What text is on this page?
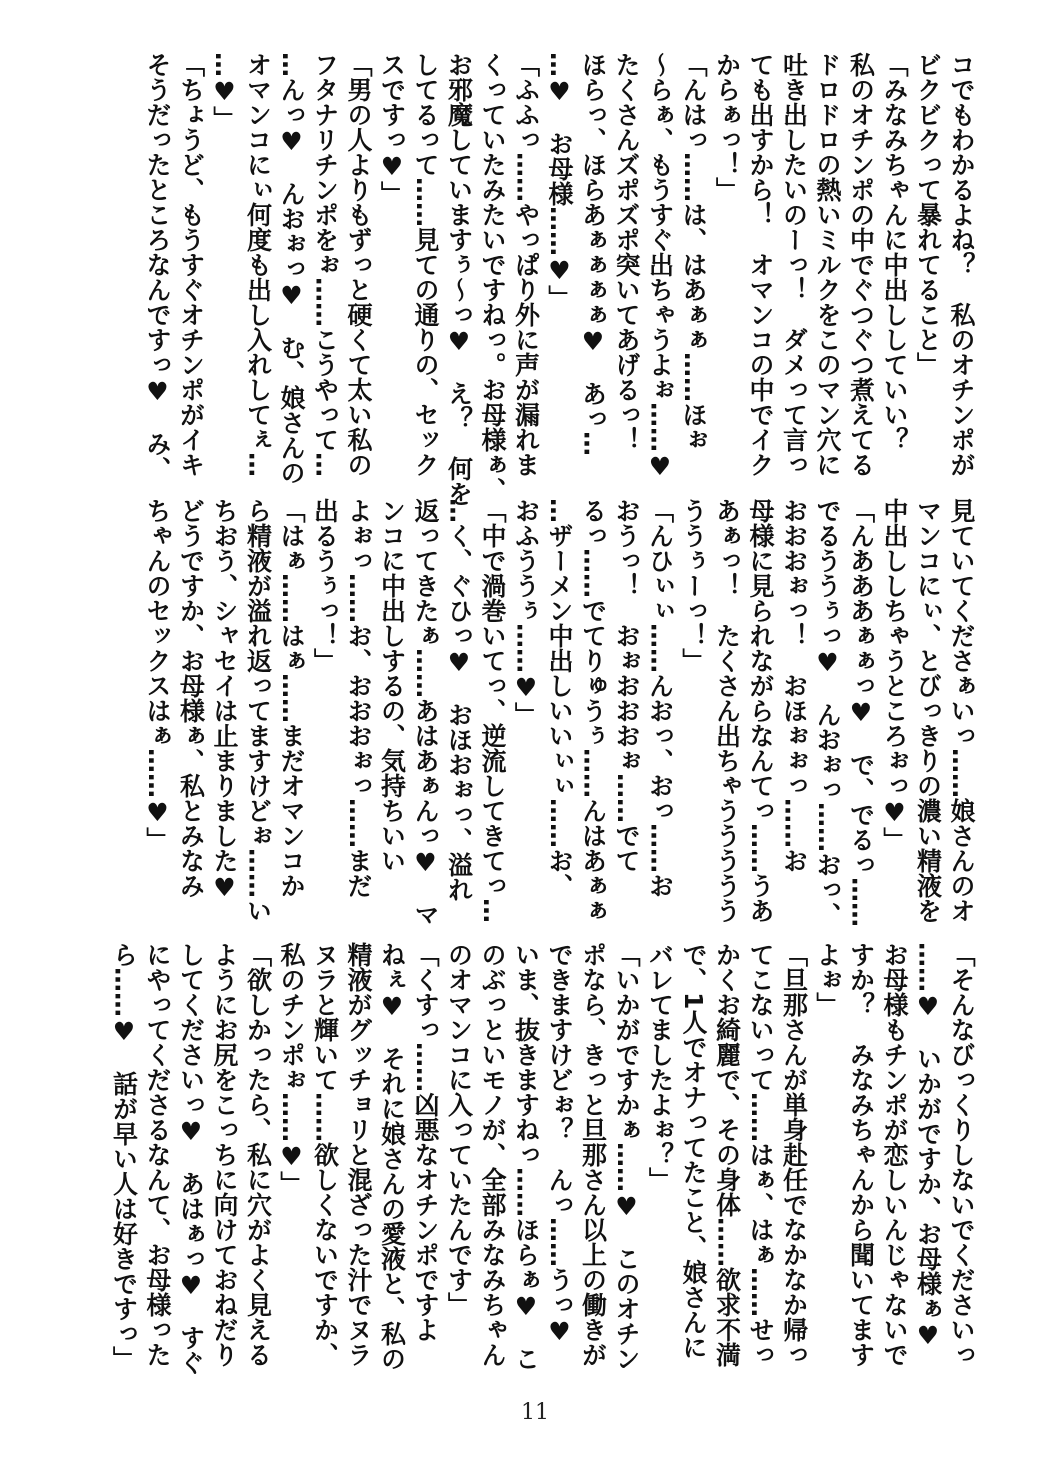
コでもわかるよね？　私のオチンポが
ビクビクって暴れてること」
「みなみちゃんに中出ししていい？
私のオチンポの中でぐつぐつ煮えてる
ドロドロの熱いミルクをこのマン穴に
吐き出したいのーっ！　ダメって言っ
ても出すから！　オマンコの中でイク
からぁっ！」
「んはっ……は、はあぁぁ……ほぉ
～らぁ、もうすぐ出ちゃうよぉ……♥
たくさんズポズポ突いてあげるっ！
ほらっ、ほらあぁぁぁぁ♥　あっ…
…♥　お母様……♥」
「ふふっ……やっぱり外に声が漏れま
くっていたみたいですねっ。お母様ぁ、
お邪魔していますぅ～っ♥　え？　何を
してるって……見ての通りの、セック
スですっ♥」
「男の人よりもずっと硬くて太い私の
フタナリチンポをぉ……こうやって…
…んっ♥　んおぉっ♥　む、娘さんの
オマンコにぃ何度も出し入れしてぇ…
…♥」
「ちょうど、もうすぐオチンポがイキ
そうだったところなんですっ♥　み、
見ていてくださぁいっ……娘さんのオ
マンコにぃ、とびっきりの濃い精液を
中出ししちゃうところぉっ♥」
「んあああぁぁっ♥　で、でるっ……
でるううぅっ♥　んおぉっ……おっ、
おおおぉっ！　おほぉぉっ……お
母様に見られながらなんてっ……うあ
あぁっ！　たくさん出ちゃううううう
ううぅーっ！」
「んひぃぃ……んおっ、おっ……お
おうっ！　おぉおおおぉ……でて
るっ……でてりゅうぅ……んはあぁぁ
…ザーメン中出しいいぃぃ……お、
おふううぅ……♥」
「中で渦巻いてっ、逆流してきてっ…
…く、ぐひっ♥　おほおぉっ、溢れ
返ってきたぁ……あはあぁんっ♥　マ
ンコに中出しするの、気持ちいい
よぉっ……お、おおおぉっ……まだ
出るうぅっ！」
「はぁ……はぁ……まだオマンコか
ら精液が溢れ返ってますけどぉ……い
ちおう、シャセイは止まりました♥
どうですか、お母様ぁ、私とみなみ
ちゃんのセックスはぁ……♥」
「そんなびっくりしないでくださいっ
……♥　いかがですか、お母様ぁ♥
お母様もチンポが恋しいんじゃないで
すか？　みなみちゃんから聞いてます
よぉ」
「旦那さんが単身赴任でなかなか帰っ
てこないって……はぁ、はぁ……せっ
かくお綺麗で、その身体……欲求不満
で、1人でオナってたこと、娘さんに
バレてましたよぉ？」
「いかがですかぁ……♥　このオチン
ポなら、きっと旦那さん以上の働きが
できますけどぉ？　んっ……うっ♥
いま、抜きますねっ……ほらぁ♥　こ
のぶっといモノが、全部みなみちゃん
のオマンコに入っていたんです」
「くすっ……凶悪なオチンポですよ
ねぇ♥　それに娘さんの愛液と、私の
精液がグッチョリと混ざった汁でヌラ
ヌラと輝いて……欲しくないですか、
私のチンポぉ……♥」
「欲しかったら、私に穴がよく見える
ようにお尻をこっちに向けておねだり
してくださいっ♥　あはぁっ♥　すぐ
にやってくださるなんて、お母様った
ら……♥　話が早い人は好きですっ」
11
